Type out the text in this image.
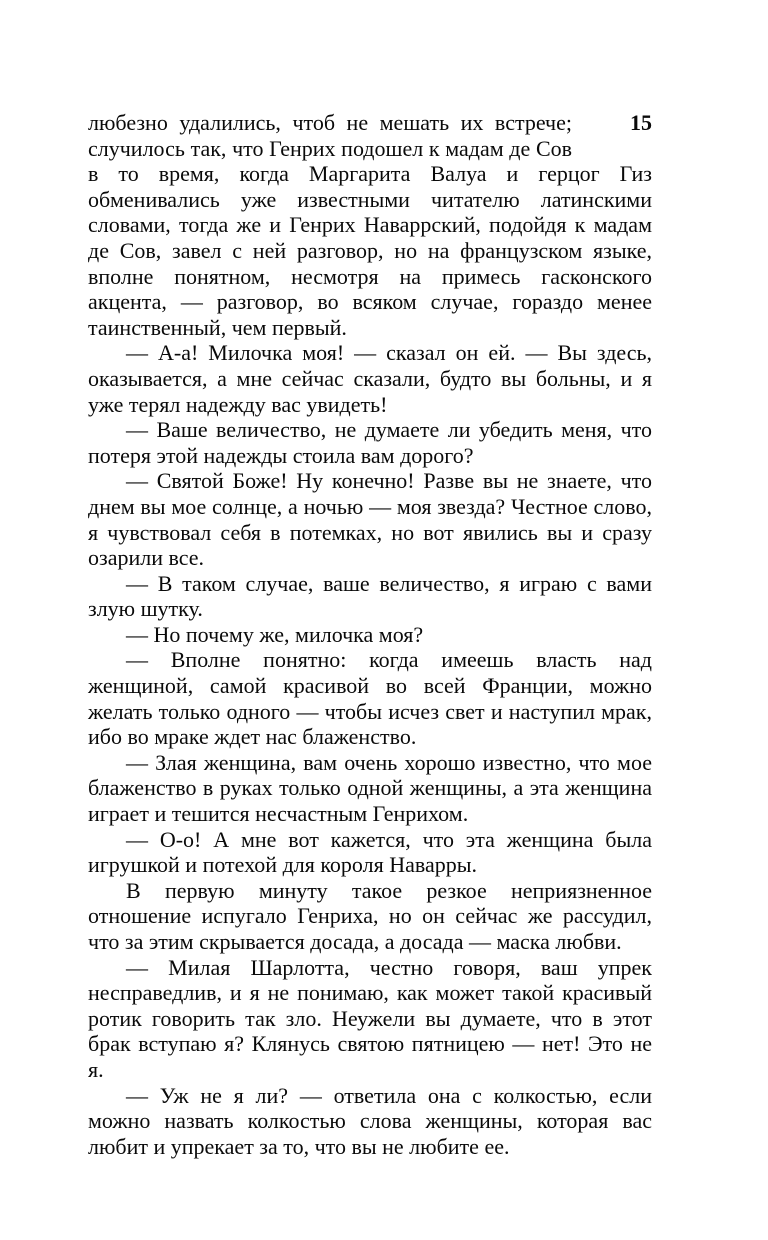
15

любезно удалились, чтоб не мешать их встрече; случилось так, что Генрих подошел к мадам де Сов в то время, когда Маргарита Валуа и герцог Гиз обменивались уже известными читателю латинскими словами, тогда же и Генрих Наваррский, подойдя к мадам де Сов, завел с ней разговор, но на французском языке, вполне понятном, несмотря на примесь гасконского акцента, — разговор, во всяком случае, гораздо менее таинственный, чем первый.

— А-а! Милочка моя! — сказал он ей. — Вы здесь, оказывается, а мне сейчас сказали, будто вы больны, и я уже терял надежду вас увидеть!

— Ваше величество, не думаете ли убедить меня, что потеря этой надежды стоила вам дорого?

— Святой Боже! Ну конечно! Разве вы не знаете, что днем вы мое солнце, а ночью — моя звезда? Честное слово, я чувствовал себя в потемках, но вот явились вы и сразу озарили все.

— В таком случае, ваше величество, я играю с вами злую шутку.

— Но почему же, милочка моя?

— Вполне понятно: когда имеешь власть над женщиной, самой красивой во всей Франции, можно желать только одного — чтобы исчез свет и наступил мрак, ибо во мраке ждет нас блаженство.

— Злая женщина, вам очень хорошо известно, что мое блаженство в руках только одной женщины, а эта женщина играет и тешится несчастным Генрихом.

— О-о! А мне вот кажется, что эта женщина была игрушкой и потехой для короля Наварры.

В первую минуту такое резкое неприязненное отношение испугало Генриха, но он сейчас же рассудил, что за этим скрывается досада, а досада — маска любви.

— Милая Шарлотта, честно говоря, ваш упрек несправедлив, и я не понимаю, как может такой красивый ротик говорить так зло. Неужели вы думаете, что в этот брак вступаю я? Клянусь святою пятницею — нет! Это не я.

— Уж не я ли? — ответила она с колкостью, если можно назвать колкостью слова женщины, которая вас любит и упрекает за то, что вы не любите ее.
